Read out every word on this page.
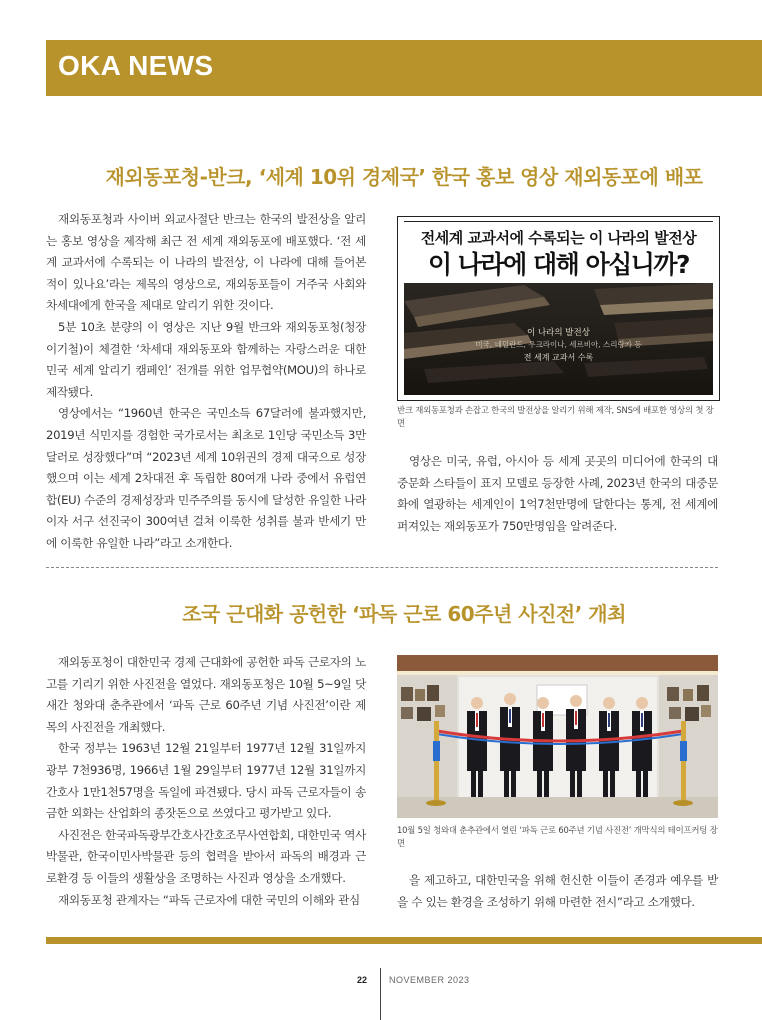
OKA NEWS
재외동포청-반크, ‘세계 10위 경제국’ 한국 홍보 영상 재외동포에 배포

재외동포청과 사이버 외교사절단 반크는 한국의 발전상을 알리는 홍보 영상을 제작해 최근 전 세계 재외동포에 배포했다. ‘전 세계 교과서에 수록되는 이 나라의 발전상, 이 나라에 대해 들어본 적이 있나요’라는 제목의 영상으로, 재외동포들이 거주국 사회와 차세대에게 한국을 제대로 알리기 위한 것이다.

5분 10초 분량의 이 영상은 지난 9월 반크와 재외동포청(청장 이기철)이 체결한 ‘차세대 재외동포와 함께하는 자랑스러운 대한민국 세계 알리기 캠페인’ 전개를 위한 업무협약(MOU)의 하나로 제작됐다.

영상에서는 “1960년 한국은 국민소득 67달러에 불과했지만, 2019년 식민지를 경험한 국가로서는 최초로 1인당 국민소득 3만 달러로 성장했다”며 “2023년 세계 10위권의 경제 대국으로 성장했으며 이는 세계 2차대전 후 독립한 80여개 나라 중에서 유럽연합(EU) 수준의 경제성장과 민주주의를 동시에 달성한 유일한 나라이자 서구 선진국이 300여년 걸쳐 이룩한 성취를 불과 반세기 만에 이룩한 유일한 나라”라고 소개한다.

전세계 교과서에 수록되는 이 나라의 발전상
이 나라에 대해 아십니까?
이 나라의 발전상
미국, 네덜란드, 우크라이나, 세르비아, 스리랑카 등
전 세계 교과서 수록
반크 재외동포청과 손잡고 한국의 발전상을 알리기 위해 제작, SNS에 배포한 영상의 첫 장면

영상은 미국, 유럽, 아시아 등 세계 곳곳의 미디어에 한국의 대중문화 스타들이 표지 모델로 등장한 사례, 2023년 한국의 대중문화에 열광하는 세계인이 1억7천만명에 달한다는 통계, 전 세계에 퍼져있는 재외동포가 750만명임을 알려준다.

조국 근대화 공헌한 ‘파독 근로 60주년 사진전’ 개최

재외동포청이 대한민국 경제 근대화에 공헌한 파독 근로자의 노고를 기리기 위한 사진전을 열었다. 재외동포청은 10월 5~9일 닷새간 청와대 춘추관에서 ‘파독 근로 60주년 기념 사진전’이란 제목의 사진전을 개최했다.

한국 정부는 1963년 12월 21일부터 1977년 12월 31일까지 광부 7천936명, 1966년 1월 29일부터 1977년 12월 31일까지 간호사 1만1천57명을 독일에 파견됐다. 당시 파독 근로자들이 송금한 외화는 산업화의 종잣돈으로 쓰였다고 평가받고 있다.

사진전은 한국파독광부간호사간호조무사연합회, 대한민국 역사박물관, 한국이민사박물관 등의 협력을 받아서 파독의 배경과 근로환경 등 이들의 생활상을 조명하는 사진과 영상을 소개했다.

재외동포청 관계자는 “파독 근로자에 대한 국민의 이해와 관심

10월 5일 청와대 춘추관에서 열린 ‘파독 근로 60주년 기념 사진전’ 개막식의 테이프커팅 장면

을 제고하고, 대한민국을 위해 헌신한 이들이 존경과 예우를 받을 수 있는 환경을 조성하기 위해 마련한 전시”라고 소개했다.

22 NOVEMBER 2023
